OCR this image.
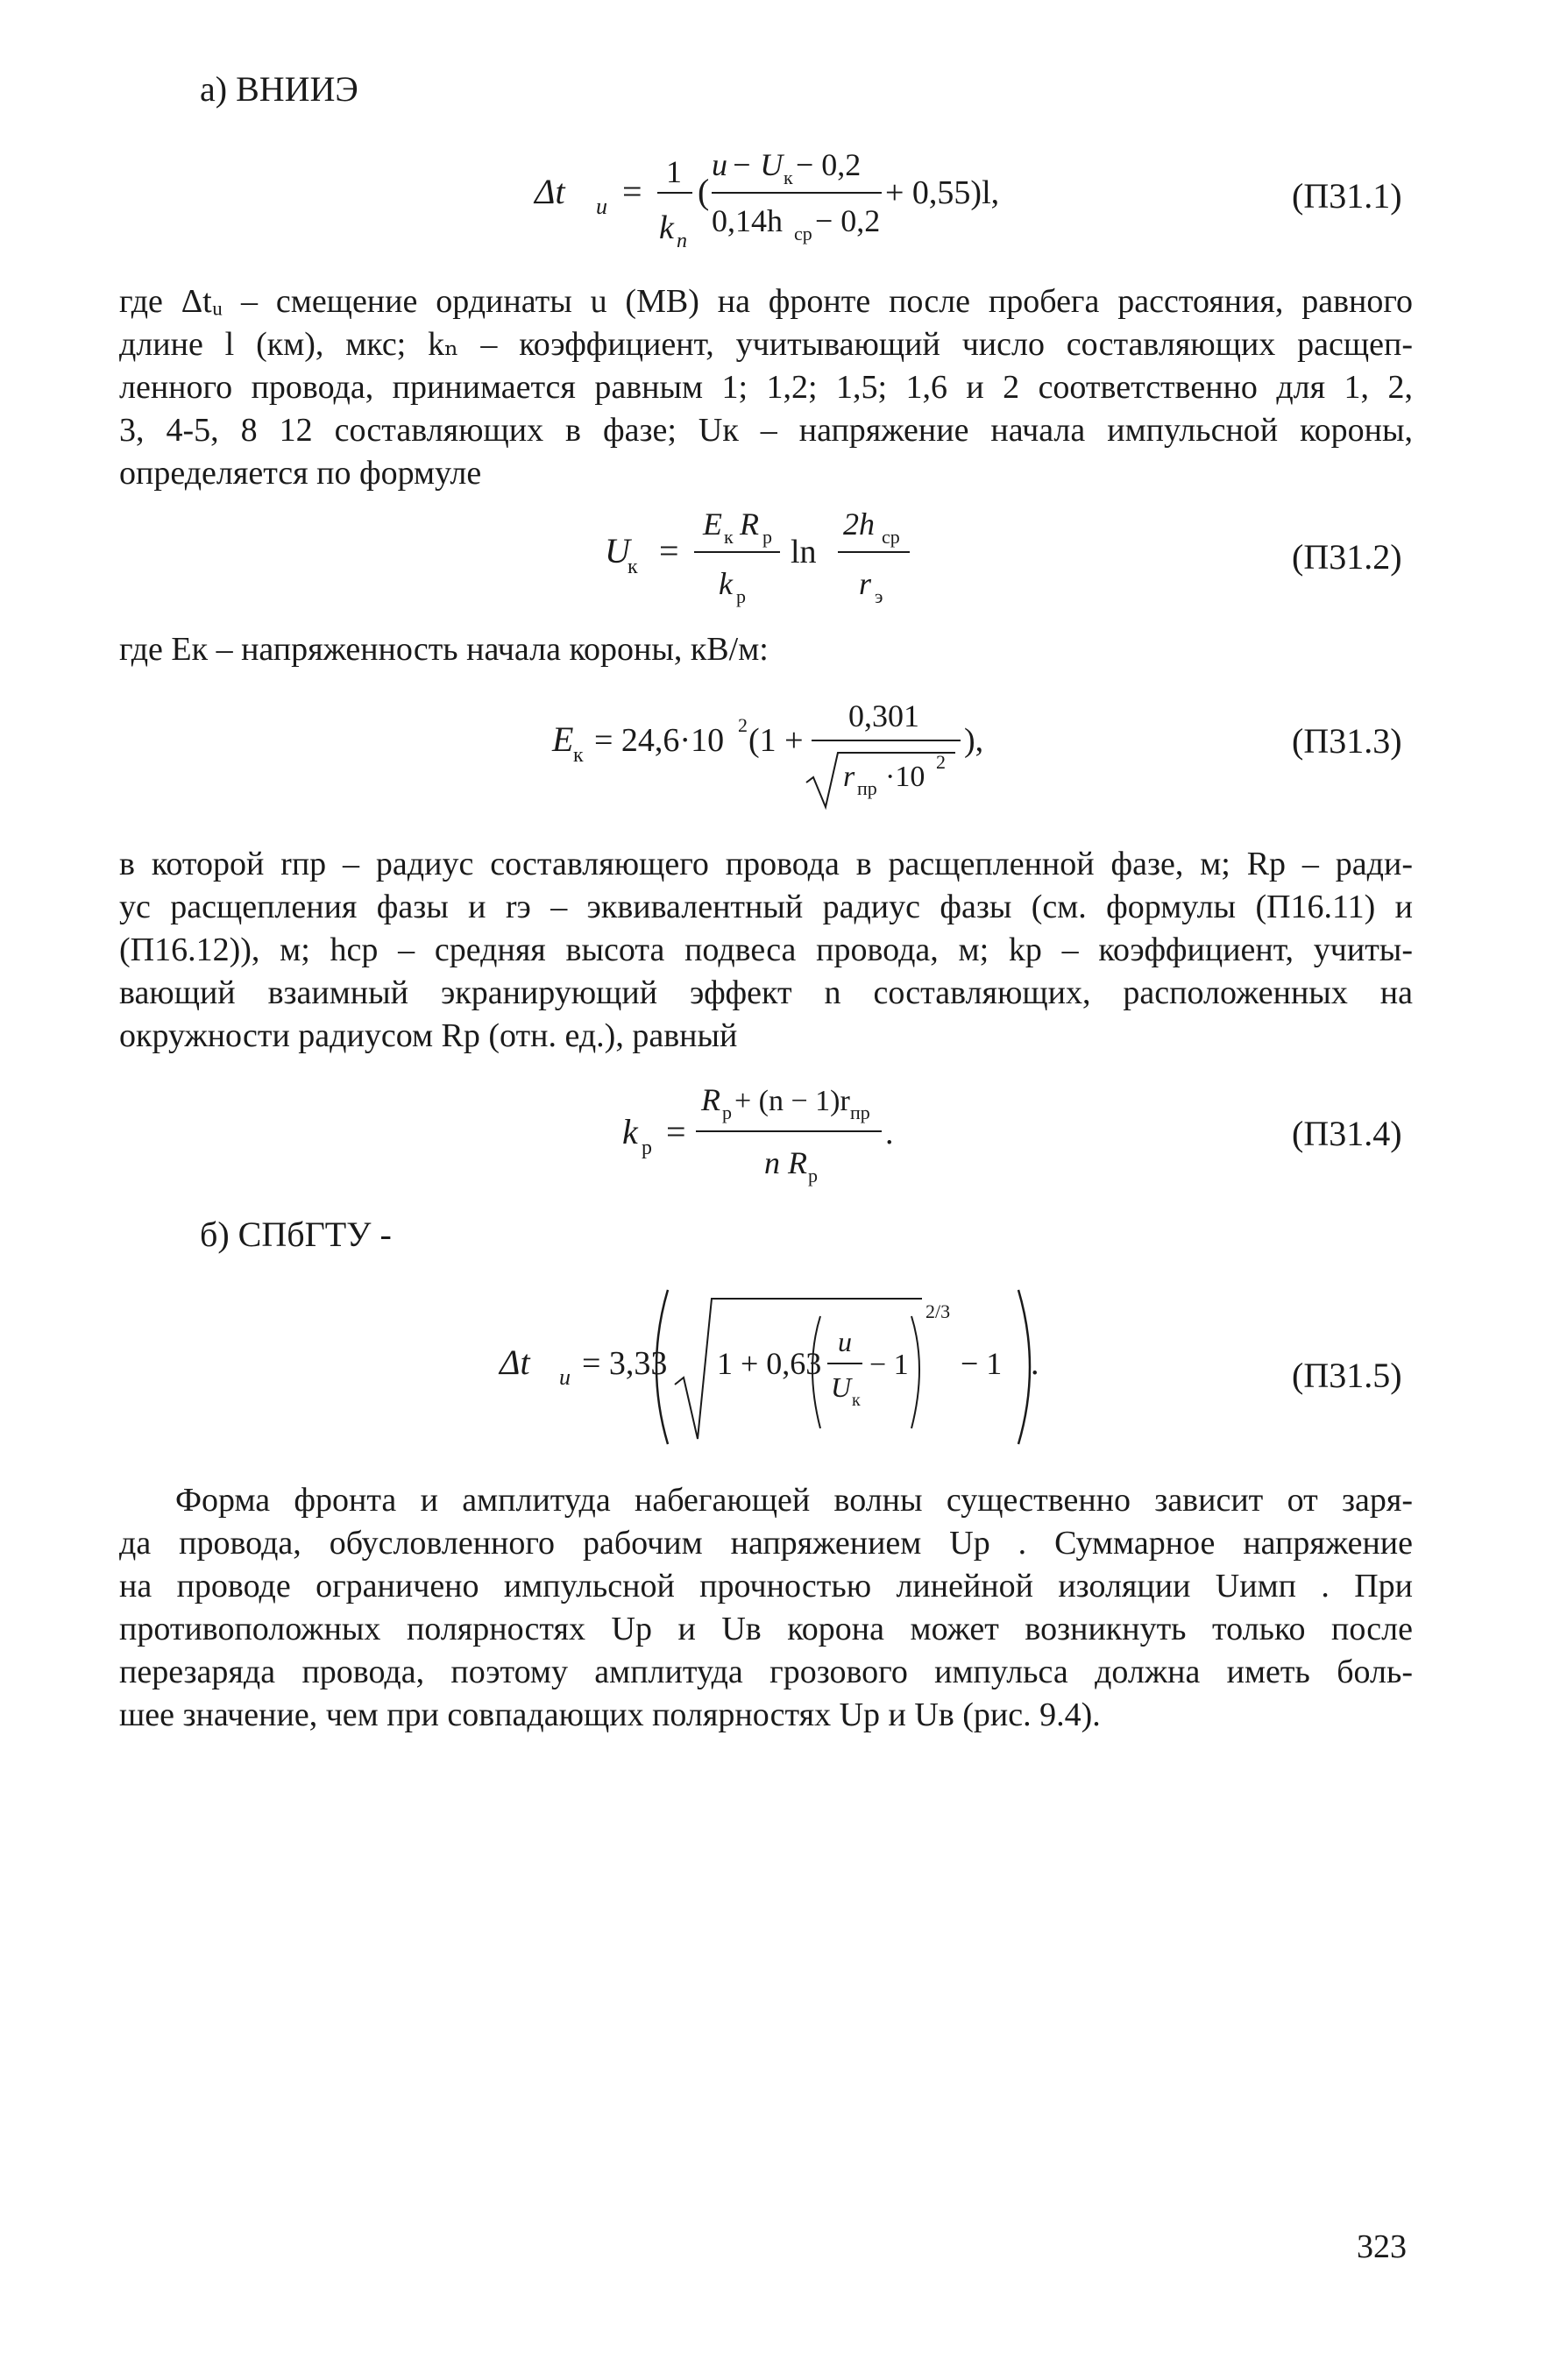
а) ВНИИЭ
Δt и = 1
k п
(
u − U к − 0,2
0,14h ср − 0,2
+ 0,55)l,	(П31.1)
где Δtᵤ – смещение ординаты u (МВ) на фронте после пробега расстояния, равного
длине l (км), мкс; kₙ – коэффициент, учитывающий число составляющих расщеп-
ленного провода, принимается равным 1; 1,2; 1,5; 1,6 и 2 соответственно для 1, 2,
3, 4-5, 8 12 составляющих в фазе; Uк – напряжение начала импульсной короны,
определяется по формуле
U
к =
E к R р
k р
ln
2h ср
r э
(П31.2)
где Eк – напряженность начала короны, кВ/м:
E к = 24,6·10 2 (1 +
0,301
r пр ·10 2
),	(П31.3)
в которой rпр – радиус составляющего провода в расщепленной фазе, м; Rр – ради-
ус расщепления фазы и rэ – эквивалентный радиус фазы (см. формулы (П16.11) и
(П16.12)), м; hср – средняя высота подвеса провода, м; kр – коэффициент, учиты-
вающий взаимный экранирующий эффект n составляющих, расположенных на
окружности радиусом Rр (отн. ед.), равный
k р =
R р + (n − 1)r пр
n R р
.	(П31.4)
б) СПбГТУ -
Δt и = 3,33 1 + 0,63
u
U к
− 1
2/3
− 1 .	(П31.5)
Форма фронта и амплитуда набегающей волны существенно зависит от заря-
да провода, обусловленного рабочим напряжением Uр . Суммарное напряжение
на проводе ограничено импульсной прочностью линейной изоляции Uимп . При
противоположных полярностях Uр и Uв корона может возникнуть только после
перезаряда провода, поэтому амплитуда грозового импульса должна иметь боль-
шее значение, чем при совпадающих полярностях Uр и Uв (рис. 9.4).
323
